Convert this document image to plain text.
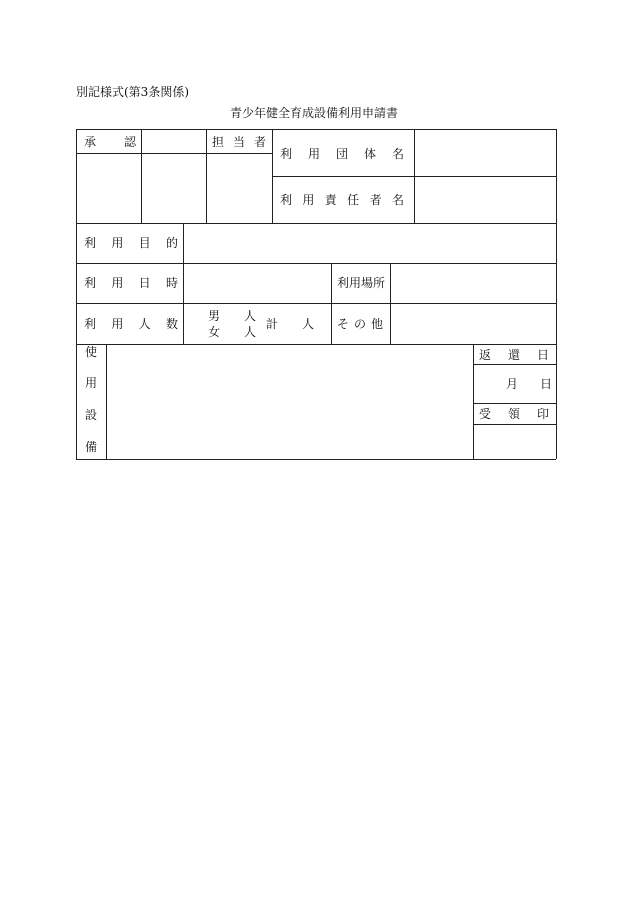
別記様式(第3条関係)
青少年健全育成設備利用申請書
承 認	担 当 者
利 用 団 体 名
利 用 責 任 者 名
利 用 目 的
利 用 日 時	利用場所
利 用 人 数
男 人
女 人
計 人 そ の 他
使
用
設
備
返 還 日
月 日
受 領 印
